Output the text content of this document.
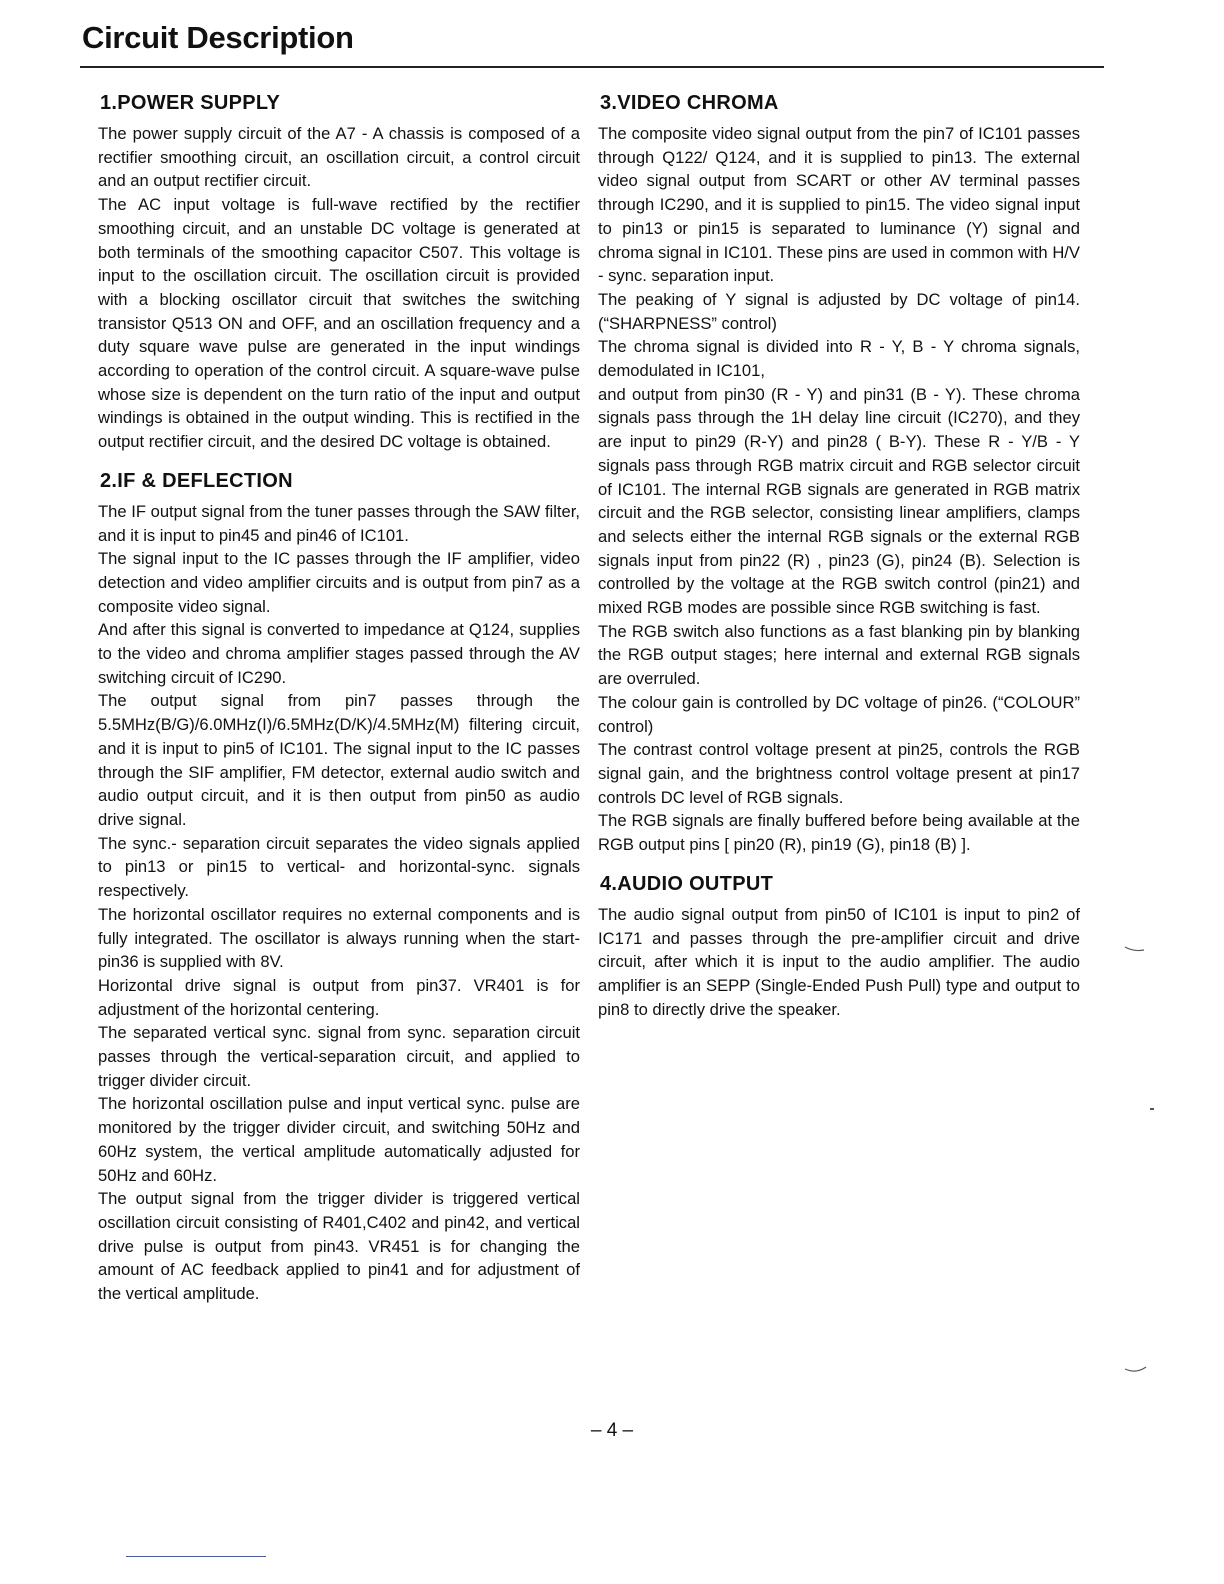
Circuit Description
1.POWER SUPPLY

The power supply circuit of the A7 - A chassis is composed of a rectifier smoothing circuit, an oscillation circuit, a control circuit and an output rectifier circuit.

The AC input voltage is full-wave rectified by the rectifier smoothing circuit, and an unstable DC voltage is generated at both terminals of the smoothing capacitor C507. This voltage is input to the oscillation circuit. The oscillation circuit is provided with a blocking oscillator circuit that switches the switching transistor Q513 ON and OFF, and an oscillation frequency and a duty square wave pulse are generated in the input windings according to operation of the control circuit. A square-wave pulse whose size is dependent on the turn ratio of the input and output windings is obtained in the output winding. This is rectified in the output rectifier circuit, and the desired DC voltage is obtained.

2.IF & DEFLECTION

The IF output signal from the tuner passes through the SAW filter, and it is input to pin45 and pin46 of IC101.

The signal input to the IC passes through the IF amplifier, video detection and video amplifier circuits and is output from pin7 as a composite video signal.

And after this signal is converted to impedance at Q124, supplies to the video and chroma amplifier stages passed through the AV switching circuit of IC290.

The output signal from pin7 passes through the 5.5MHz(B/G)/6.0MHz(I)/6.5MHz(D/K)/4.5MHz(M) filtering circuit, and it is input to pin5 of IC101. The signal input to the IC passes through the SIF amplifier, FM detector, external audio switch and audio output circuit, and it is then output from pin50 as audio drive signal.

The sync.- separation circuit separates the video signals applied to pin13 or pin15 to vertical- and horizontal-sync. signals respectively.

The horizontal oscillator requires no external components and is fully integrated. The oscillator is always running when the start-pin36 is supplied with 8V.

Horizontal drive signal is output from pin37. VR401 is for adjustment of the horizontal centering.

The separated vertical sync. signal from sync. separation circuit passes through the vertical-separation circuit, and applied to trigger divider circuit.

The horizontal oscillation pulse and input vertical sync. pulse are monitored by the trigger divider circuit, and switching 50Hz and 60Hz system, the vertical amplitude automatically adjusted for 50Hz and 60Hz.

The output signal from the trigger divider is triggered vertical oscillation circuit consisting of R401,C402 and pin42, and vertical drive pulse is output from pin43. VR451 is for changing the amount of AC feedback applied to pin41 and for adjustment of the vertical amplitude.

3.VIDEO CHROMA

The composite video signal output from the pin7 of IC101 passes through Q122/ Q124, and it is supplied to pin13. The external video signal output from SCART or other AV terminal passes through IC290, and it is supplied to pin15. The video signal input to pin13 or pin15 is separated to luminance (Y) signal and chroma signal in IC101. These pins are used in common with H/V - sync. separation input.

The peaking of Y signal is adjusted by DC voltage of pin14.(“SHARPNESS” control)

The chroma signal is divided into R - Y, B - Y chroma signals, demodulated in IC101,

and output from pin30 (R - Y) and pin31 (B - Y). These chroma signals pass through the 1H delay line circuit (IC270), and they are input to pin29 (R-Y) and pin28 ( B-Y). These R - Y/B - Y signals pass through RGB matrix circuit and RGB selector circuit of IC101. The internal RGB signals are generated in RGB matrix circuit and the RGB selector, consisting linear amplifiers, clamps and selects either the internal RGB signals or the external RGB signals input from pin22 (R) , pin23 (G), pin24 (B). Selection is controlled by the voltage at the RGB switch control (pin21) and mixed RGB modes are possible since RGB switching is fast.

The RGB switch also functions as a fast blanking pin by blanking the RGB output stages; here internal and external RGB signals are overruled.

The colour gain is controlled by DC voltage of pin26. (“COLOUR” control)

The contrast control voltage present at pin25, controls the RGB signal gain, and the brightness control voltage present at pin17 controls DC level of RGB signals.

The RGB signals are finally buffered before being available at the RGB output pins [ pin20 (R), pin19 (G), pin18 (B) ].

4.AUDIO OUTPUT

The audio signal output from pin50 of IC101 is input to pin2 of IC171 and passes through the pre-amplifier circuit and drive circuit, after which it is input to the audio amplifier. The audio amplifier is an SEPP (Single-Ended Push Pull) type and output to pin8 to directly drive the speaker.

– 4 –
